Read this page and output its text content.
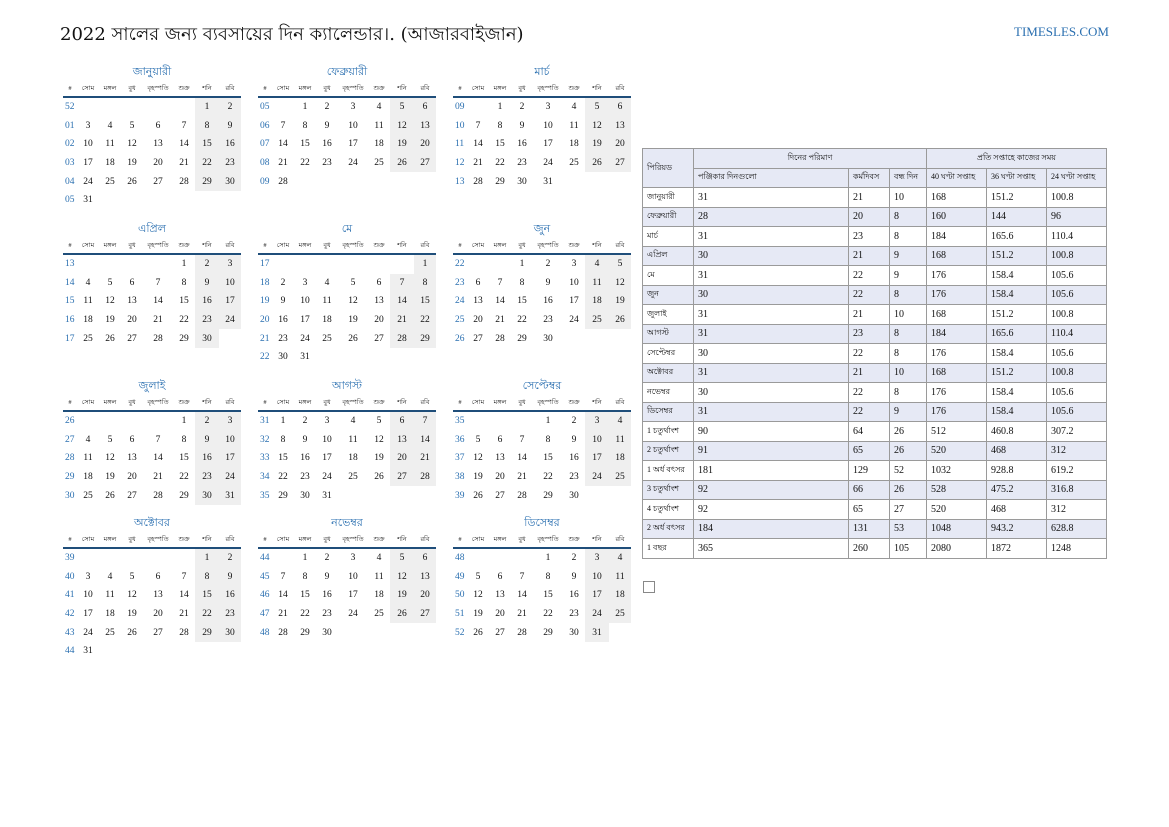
2022 সালের জন্য ব্যবসায়ের দিন ক্যালেন্ডার।. (আজারবাইজান)	TIMESLES.COM
জানুয়ারী
#	সোম	মঙ্গল	বুধ	বৃহস্পতি	শুক্র	শনি	রবি
52						1	2
01	3	4	5	6	7	8	9
02	10	11	12	13	14	15	16
03	17	18	19	20	21	22	23
04	24	25	26	27	28	29	30
05	31						
ফেব্রুয়ারী
#	সোম	মঙ্গল	বুধ	বৃহস্পতি	শুক্র	শনি	রবি
05		1	2	3	4	5	6
06	7	8	9	10	11	12	13
07	14	15	16	17	18	19	20
08	21	22	23	24	25	26	27
09	28						
মার্চ
#	সোম	মঙ্গল	বুধ	বৃহস্পতি	শুক্র	শনি	রবি
09		1	2	3	4	5	6
10	7	8	9	10	11	12	13
11	14	15	16	17	18	19	20
12	21	22	23	24	25	26	27
13	28	29	30	31			
এপ্রিল
#	সোম	মঙ্গল	বুধ	বৃহস্পতি	শুক্র	শনি	রবি
13					1	2	3
14	4	5	6	7	8	9	10
15	11	12	13	14	15	16	17
16	18	19	20	21	22	23	24
17	25	26	27	28	29	30	
মে
#	সোম	মঙ্গল	বুধ	বৃহস্পতি	শুক্র	শনি	রবি
17							1
18	2	3	4	5	6	7	8
19	9	10	11	12	13	14	15
20	16	17	18	19	20	21	22
21	23	24	25	26	27	28	29
22	30	31					
জুন
#	সোম	মঙ্গল	বুধ	বৃহস্পতি	শুক্র	শনি	রবি
22			1	2	3	4	5
23	6	7	8	9	10	11	12
24	13	14	15	16	17	18	19
25	20	21	22	23	24	25	26
26	27	28	29	30			
জুলাই
#	সোম	মঙ্গল	বুধ	বৃহস্পতি	শুক্র	শনি	রবি
26					1	2	3
27	4	5	6	7	8	9	10
28	11	12	13	14	15	16	17
29	18	19	20	21	22	23	24
30	25	26	27	28	29	30	31
আগস্ট
#	সোম	মঙ্গল	বুধ	বৃহস্পতি	শুক্র	শনি	রবি
31	1	2	3	4	5	6	7
32	8	9	10	11	12	13	14
33	15	16	17	18	19	20	21
34	22	23	24	25	26	27	28
35	29	30	31				
সেপ্টেম্বর
#	সোম	মঙ্গল	বুধ	বৃহস্পতি	শুক্র	শনি	রবি
35				1	2	3	4
36	5	6	7	8	9	10	11
37	12	13	14	15	16	17	18
38	19	20	21	22	23	24	25
39	26	27	28	29	30		
অক্টোবর
#	সোম	মঙ্গল	বুধ	বৃহস্পতি	শুক্র	শনি	রবি
39						1	2
40	3	4	5	6	7	8	9
41	10	11	12	13	14	15	16
42	17	18	19	20	21	22	23
43	24	25	26	27	28	29	30
44	31						
নভেম্বর
#	সোম	মঙ্গল	বুধ	বৃহস্পতি	শুক্র	শনি	রবি
44		1	2	3	4	5	6
45	7	8	9	10	11	12	13
46	14	15	16	17	18	19	20
47	21	22	23	24	25	26	27
48	28	29	30				
ডিসেম্বর
#	সোম	মঙ্গল	বুধ	বৃহস্পতি	শুক্র	শনি	রবি
48				1	2	3	4
49	5	6	7	8	9	10	11
50	12	13	14	15	16	17	18
51	19	20	21	22	23	24	25
52	26	27	28	29	30	31	
পিরিয়ড	দিনের পরিমাণ			প্রতি সপ্তাহে কাজের সময়		
	পঞ্জিকার দিনগুলো	কর্মদিবস	বন্ধ দিন	40 ঘণ্টা সপ্তাহ	36 ঘণ্টা সপ্তাহ	24 ঘণ্টা সপ্তাহ
জানুয়ারী	31	21	10	168	151.2	100.8
ফেব্রুয়ারী	28	20	8	160	144	96
মার্চ	31	23	8	184	165.6	110.4
এপ্রিল	30	21	9	168	151.2	100.8
মে	31	22	9	176	158.4	105.6
জুন	30	22	8	176	158.4	105.6
জুলাই	31	21	10	168	151.2	100.8
আগস্ট	31	23	8	184	165.6	110.4
সেপ্টেম্বর	30	22	8	176	158.4	105.6
অক্টোবর	31	21	10	168	151.2	100.8
নভেম্বর	30	22	8	176	158.4	105.6
ডিসেম্বর	31	22	9	176	158.4	105.6
1 চতুর্থাংশ	90	64	26	512	460.8	307.2
2 চতুর্থাংশ	91	65	26	520	468	312
1 অর্ধ বৎসর	181	129	52	1032	928.8	619.2
3 চতুর্থাংশ	92	66	26	528	475.2	316.8
4 চতুর্থাংশ	92	65	27	520	468	312
2 অর্ধ বৎসর	184	131	53	1048	943.2	628.8
1 বছর	365	260	105	2080	1872	1248
